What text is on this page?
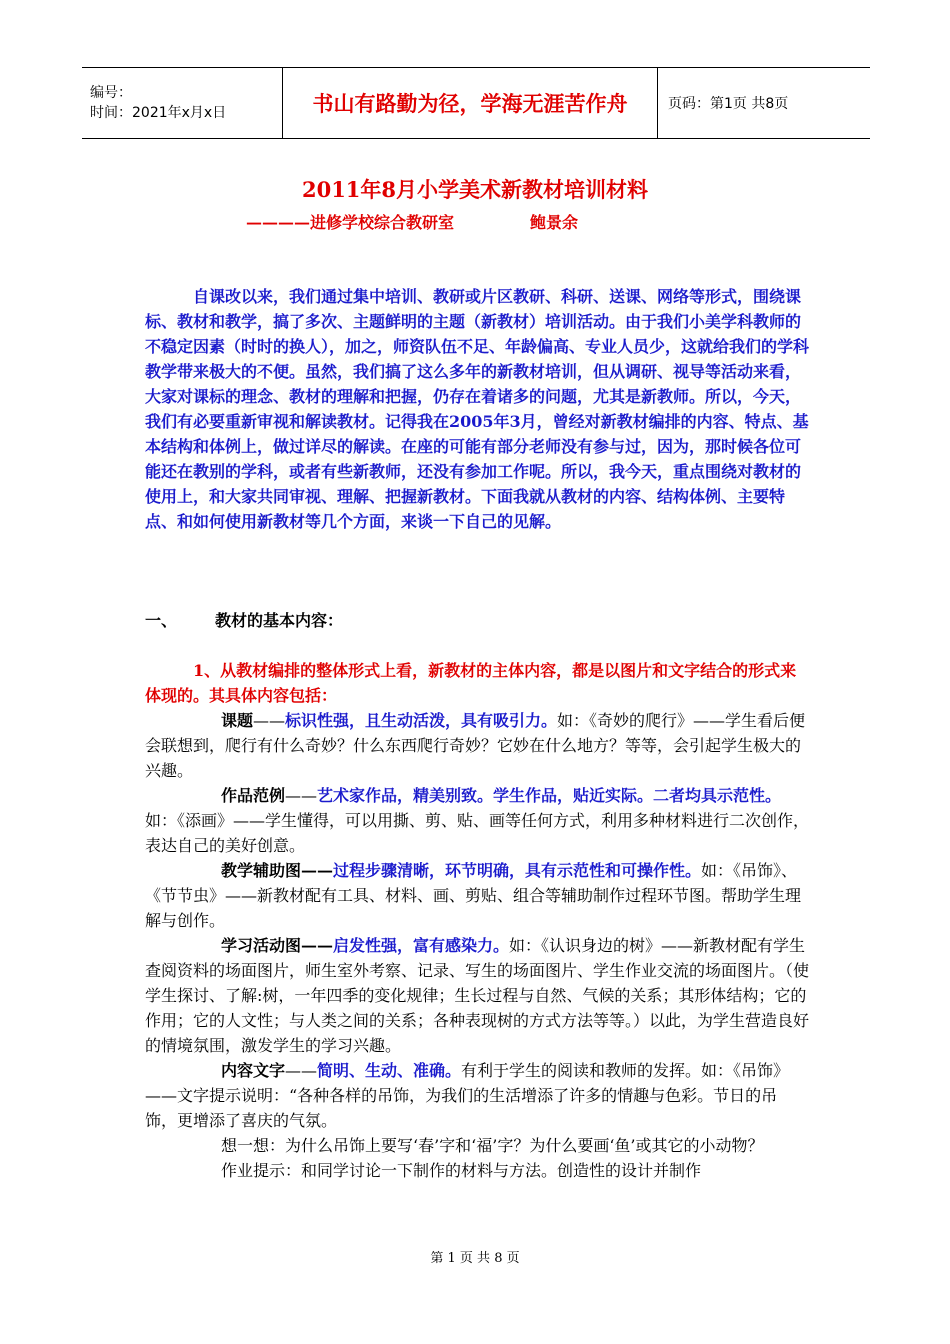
编号：
时间：2021年x月x日	书山有路勤为径，学海无涯苦作舟	页码：第1页 共8页
2011年8月小学美术新教材培训材料
————进修学校综合教研室	鲍景余

自课改以来，我们通过集中培训、教研或片区教研、科研、送课、网络等形式，围绕课标、教材和教学，搞了多次、主题鲜明的主题（新教材）培训活动。由于我们小美学科教师的不稳定因素（时时的换人），加之，师资队伍不足、年龄偏高、专业人员少，这就给我们的学科教学带来极大的不便。虽然，我们搞了这么多年的新教材培训，但从调研、视导等活动来看，大家对课标的理念、教材的理解和把握，仍存在着诸多的问题，尤其是新教师。所以，今天，我们有必要重新审视和解读教材。记得我在2005年3月，曾经对新教材编排的内容、特点、基本结构和体例上，做过详尽的解读。在座的可能有部分老师没有参与过，因为，那时候各位可能还在教别的学科，或者有些新教师，还没有参加工作呢。所以，我今天，重点围绕对教材的使用上，和大家共同审视、理解、把握新教材。下面我就从教材的内容、结构体例、主要特点、和如何使用新教材等几个方面，来谈一下自己的见解。

一、 教材的基本内容：

1、从教材编排的整体形式上看，新教材的主体内容，都是以图片和文字结合的形式来体现的。其具体内容包括：

课题——标识性强，且生动活泼，具有吸引力。如：《奇妙的爬行》——学生看后便会联想到，爬行有什么奇妙？什么东西爬行奇妙？它妙在什么地方？等等，会引起学生极大的兴趣。

作品范例——艺术家作品，精美别致。学生作品，贴近实际。二者均具示范性。如：《添画》——学生懂得，可以用撕、剪、贴、画等任何方式，利用多种材料进行二次创作，表达自己的美好创意。

教学辅助图——过程步骤清晰，环节明确，具有示范性和可操作性。如：《吊饰》、《节节虫》——新教材配有工具、材料、画、剪贴、组合等辅助制作过程环节图。帮助学生理解与创作。

学习活动图——启发性强，富有感染力。如：《认识身边的树》——新教材配有学生查阅资料的场面图片，师生室外考察、记录、写生的场面图片、学生作业交流的场面图片。（使学生探讨、了解:树，一年四季的变化规律；生长过程与自然、气候的关系；其形体结构；它的作用；它的人文性；与人类之间的关系；各种表现树的方式方法等等。）以此，为学生营造良好的情境氛围，激发学生的学习兴趣。

内容文字——简明、生动、准确。有利于学生的阅读和教师的发挥。如：《吊饰》——文字提示说明：“各种各样的吊饰，为我们的生活增添了许多的情趣与色彩。节日的吊饰，更增添了喜庆的气氛。

想一想：为什么吊饰上要写‘春’字和‘福’字？为什么要画‘鱼’或其它的小动物？

作业提示：和同学讨论一下制作的材料与方法。创造性的设计并制作

第 1 页 共 8 页
